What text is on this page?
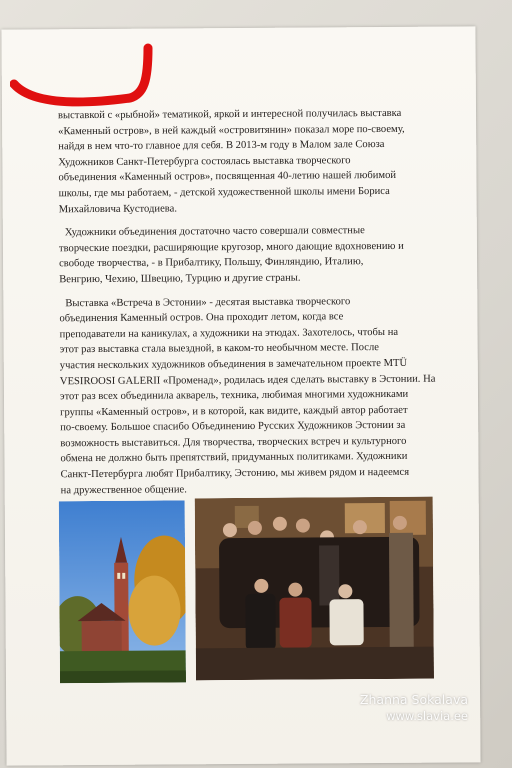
выставкой с «рыбной» тематикой, яркой и интересной получилась выставка
«Каменный остров», в ней каждый «островитянин» показал море по-своему,
найдя в нем что-то главное для себя. В 2013-м году в Малом зале Союза
Художников Санкт-Петербурга состоялась выставка творческого
объединения «Каменный остров», посвященная 40-летию нашей любимой
школы, где мы работаем, - детской художественной школы имени Бориса
Михайловича Кустодиева.

Художники объединения достаточно часто совершали совместные
творческие поездки, расширяющие кругозор, много дающие вдохновению и
свободе творчества, - в Прибалтику, Польшу, Финляндию, Италию,
Венгрию, Чехию, Швецию, Турцию и другие страны.

Выставка «Встреча в Эстонии» - десятая выставка творческого
объединения Каменный остров. Она проходит летом, когда все
преподаватели на каникулах, а художники на этюдах. Захотелось, чтобы на
этот раз выставка стала выездной, в каком-то необычном месте. После
участия нескольких художников объединения в замечательном проекте MTÜ
VESIROOSI GALERII «Променад», родилась идея сделать выставку в Эстонии. На
этот раз всех объединила акварель, техника, любимая многими художниками
группы «Каменный остров», и в которой, как видите, каждый автор работает
по-своему. Большое спасибо Объединению Русских Художников Эстонии за
возможность выставиться. Для творчества, творческих встреч и культурного
обмена не должно быть препятствий, придуманных политиками. Художники
Санкт-Петербурга любят Прибалтику, Эстонию, мы живем рядом и надеемся
на дружественное общение.

Zhanna Sokalava
www.slavia.ee
